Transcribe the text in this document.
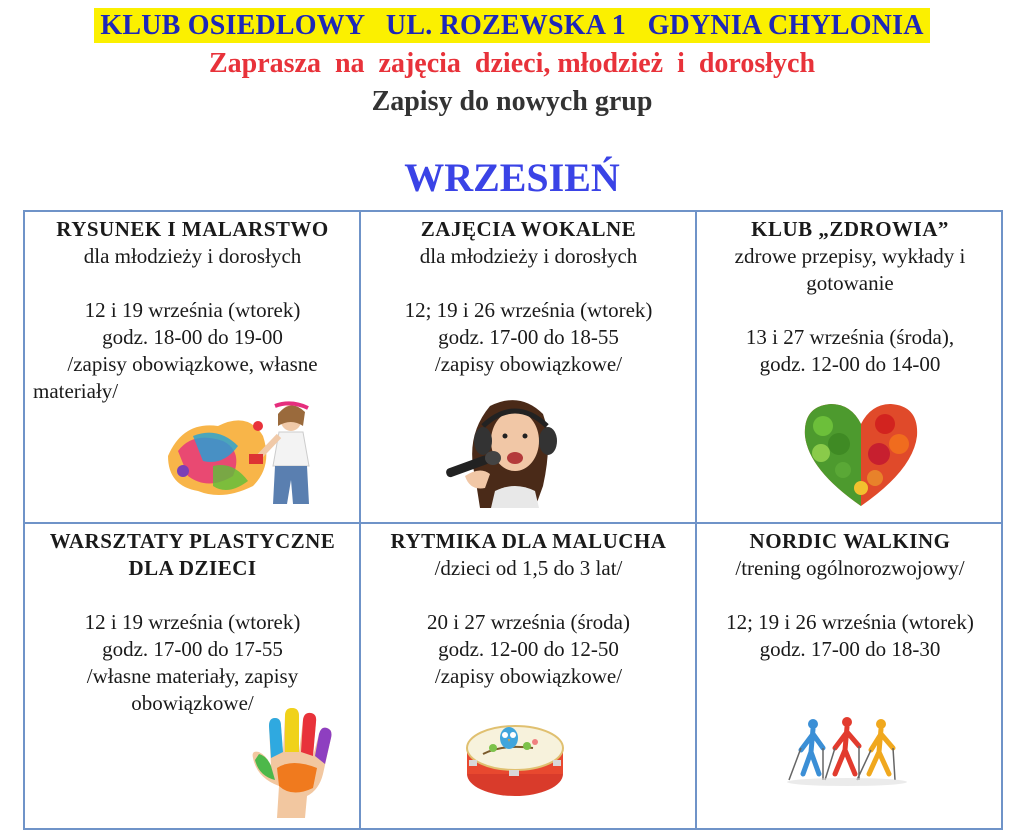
KLUB OSIEDLOWY   UL. ROZEWSKA 1   GDYNIA CHYLONIA
Zaprasza  na  zajęcia  dzieci, młodzież  i  dorosłych
Zapisy do nowych grup
WRZESIEŃ

RYSUNEK I MALARSTWO

dla młodzieży i dorosłych

12 i 19 września (wtorek)

godz. 18-00 do 19-00

/zapisy obowiązkowe, własne

materiały/

ZAJĘCIA WOKALNE

dla młodzieży i dorosłych

12; 19 i 26 września (wtorek)

godz. 17-00 do 18-55

/zapisy obowiązkowe/

KLUB „ZDROWIA”

zdrowe przepisy, wykłady i

gotowanie

13 i 27 września (środa),

godz. 12-00 do 14-00

WARSZTATY PLASTYCZNE

DLA DZIECI

12 i 19 września (wtorek)

godz. 17-00 do 17-55

/własne materiały, zapisy

obowiązkowe/

RYTMIKA DLA MALUCHA

/dzieci od 1,5 do 3 lat/

20 i 27 września (środa)

godz. 12-00 do 12-50

/zapisy obowiązkowe/

NORDIC WALKING

/trening ogólnorozwojowy/

12; 19 i 26 września (wtorek)

godz. 17-00 do 18-30
